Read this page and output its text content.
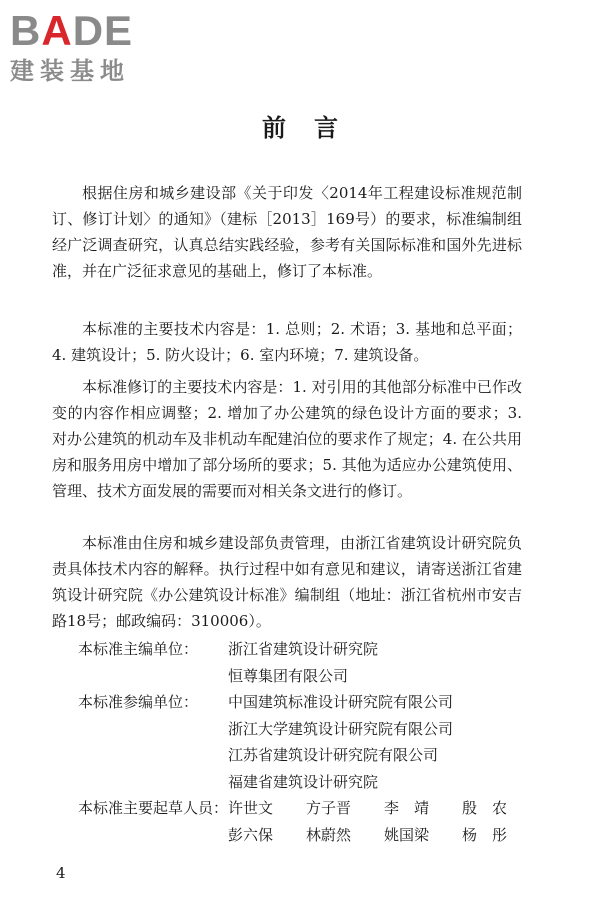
BADE
建装基地
前言

根据住房和城乡建设部《关于印发〈2014年工程建设标准规范制订、修订计划〉的通知》（建标［2013］169号）的要求，标准编制组经广泛调查研究，认真总结实践经验，参考有关国际标准和国外先进标准，并在广泛征求意见的基础上，修订了本标准。

本标准的主要技术内容是：1. 总则；2. 术语；3. 基地和总平面；4. 建筑设计；5. 防火设计；6. 室内环境；7. 建筑设备。

本标准修订的主要技术内容是：1. 对引用的其他部分标准中已作改变的内容作相应调整；2. 增加了办公建筑的绿色设计方面的要求；3. 对办公建筑的机动车及非机动车配建泊位的要求作了规定；4. 在公共用房和服务用房中增加了部分场所的要求；5. 其他为适应办公建筑使用、管理、技术方面发展的需要而对相关条文进行的修订。

本标准由住房和城乡建设部负责管理，由浙江省建筑设计研究院负责具体技术内容的解释。执行过程中如有意见和建议，请寄送浙江省建筑设计研究院《办公建筑设计标准》编制组（地址：浙江省杭州市安吉路18号；邮政编码：310006）。

本标准主编单位：	浙江省建筑设计研究院
恒尊集团有限公司
本标准参编单位：	中国建筑标准设计研究院有限公司
浙江大学建筑设计研究院有限公司
江苏省建筑设计研究院有限公司
福建省建筑设计研究院
本标准主要起草人员： 许世文	方子晋	李　靖	殷　农
彭六保	林蔚然	姚国梁	杨　彤
4
